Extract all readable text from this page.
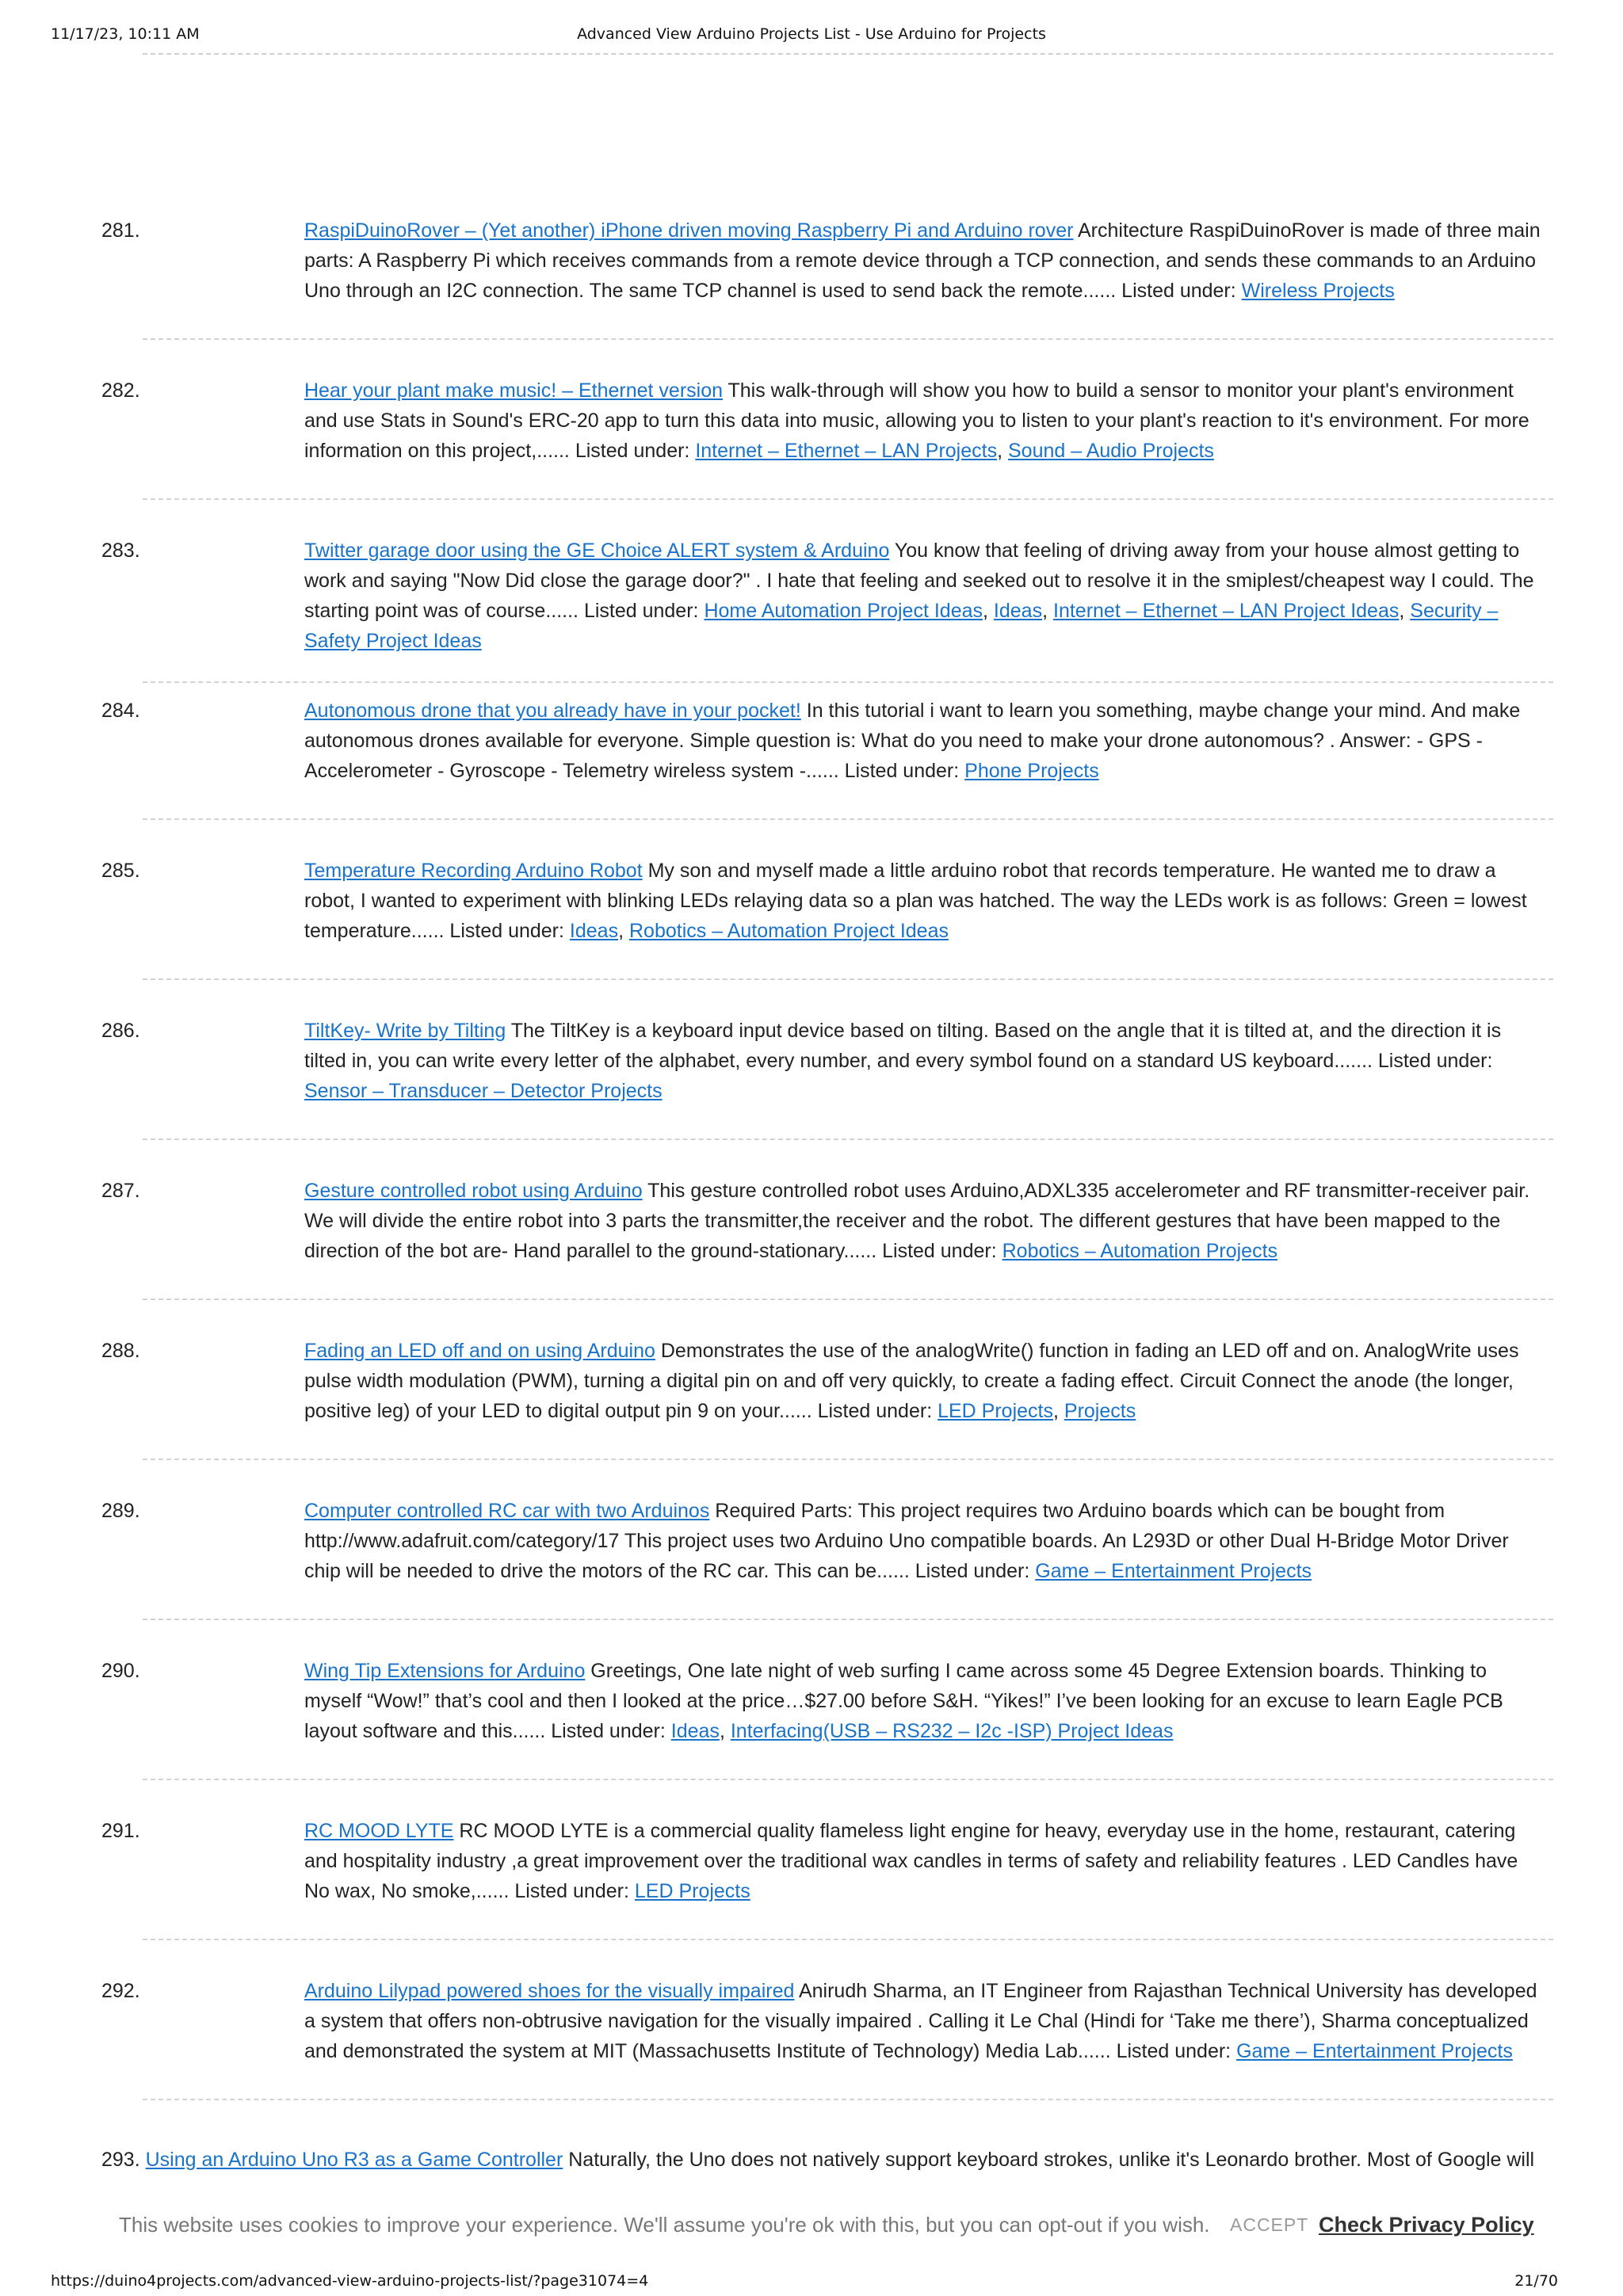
11/17/23, 10:11 AM	Advanced View Arduino Projects List - Use Arduino for Projects
281.	RaspiDuinoRover – (Yet another) iPhone driven moving Raspberry Pi and Arduino rover Architecture RaspiDuinoRover is made of three main parts: A Raspberry Pi which receives commands from a remote device through a TCP connection, and sends these commands to an Arduino Uno through an I2C connection. The same TCP channel is used to send back the remote...... Listed under: Wireless Projects
282.	Hear your plant make music! – Ethernet version This walk-through will show you how to build a sensor to monitor your plant's environment and use Stats in Sound's ERC-20 app to turn this data into music, allowing you to listen to your plant's reaction to it's environment. For more information on this project,...... Listed under: Internet – Ethernet – LAN Projects, Sound – Audio Projects
283.	Twitter garage door using the GE Choice ALERT system & Arduino You know that feeling of driving away from your house almost getting to work and saying "Now Did close the garage door?" . I hate that feeling and seeked out to resolve it in the smiplest/cheapest way I could. The starting point was of course...... Listed under: Home Automation Project Ideas, Ideas, Internet – Ethernet – LAN Project Ideas, Security – Safety Project Ideas
284.	Autonomous drone that you already have in your pocket! In this tutorial i want to learn you something, maybe change your mind. And make autonomous drones available for everyone. Simple question is: What do you need to make your drone autonomous? . Answer: - GPS - Accelerometer - Gyroscope - Telemetry wireless system -...... Listed under: Phone Projects
285.	Temperature Recording Arduino Robot My son and myself made a little arduino robot that records temperature. He wanted me to draw a robot, I wanted to experiment with blinking LEDs relaying data so a plan was hatched. The way the LEDs work is as follows: Green = lowest temperature...... Listed under: Ideas, Robotics – Automation Project Ideas
286.	TiltKey- Write by Tilting The TiltKey is a keyboard input device based on tilting. Based on the angle that it is tilted at, and the direction it is tilted in, you can write every letter of the alphabet, every number, and every symbol found on a standard US keyboard....... Listed under: Sensor – Transducer – Detector Projects
287.	Gesture controlled robot using Arduino This gesture controlled robot uses Arduino,ADXL335 accelerometer and RF transmitter-receiver pair. We will divide the entire robot into 3 parts the transmitter,the receiver and the robot. The different gestures that have been mapped to the direction of the bot are- Hand parallel to the ground-stationary...... Listed under: Robotics – Automation Projects
288.	Fading an LED off and on using Arduino Demonstrates the use of the analogWrite() function in fading an LED off and on. AnalogWrite uses pulse width modulation (PWM), turning a digital pin on and off very quickly, to create a fading effect. Circuit Connect the anode (the longer, positive leg) of your LED to digital output pin 9 on your...... Listed under: LED Projects, Projects
289.	Computer controlled RC car with two Arduinos Required Parts: This project requires two Arduino boards which can be bought from http://www.adafruit.com/category/17 This project uses two Arduino Uno compatible boards. An L293D or other Dual H-Bridge Motor Driver chip will be needed to drive the motors of the RC car. This can be...... Listed under: Game – Entertainment Projects
290.	Wing Tip Extensions for Arduino Greetings, One late night of web surfing I came across some 45 Degree Extension boards. Thinking to myself “Wow!” that’s cool and then I looked at the price…$27.00 before S&H. “Yikes!” I’ve been looking for an excuse to learn Eagle PCB layout software and this...... Listed under: Ideas, Interfacing(USB – RS232 – I2c -ISP) Project Ideas
291.	RC MOOD LYTE RC MOOD LYTE is a commercial quality flameless light engine for heavy, everyday use in the home, restaurant, catering and hospitality industry ,a great improvement over the traditional wax candles in terms of safety and reliability features . LED Candles have No wax, No smoke,...... Listed under: LED Projects
292.	Arduino Lilypad powered shoes for the visually impaired Anirudh Sharma, an IT Engineer from Rajasthan Technical University has developed a system that offers non-obtrusive navigation for the visually impaired . Calling it Le Chal (Hindi for ‘Take me there’), Sharma conceptualized and demonstrated the system at MIT (Massachusetts Institute of Technology) Media Lab...... Listed under: Game – Entertainment Projects
293. Using an Arduino Uno R3 as a Game Controller Naturally, the Uno does not natively support keyboard strokes, unlike it's Leonardo brother. Most of Google will
This website uses cookies to improve your experience. We'll assume you're ok with this, but you can opt-out if you wish. ACCEPT Check Privacy Policy
https://duino4projects.com/advanced-view-arduino-projects-list/?page31074=4	21/70
